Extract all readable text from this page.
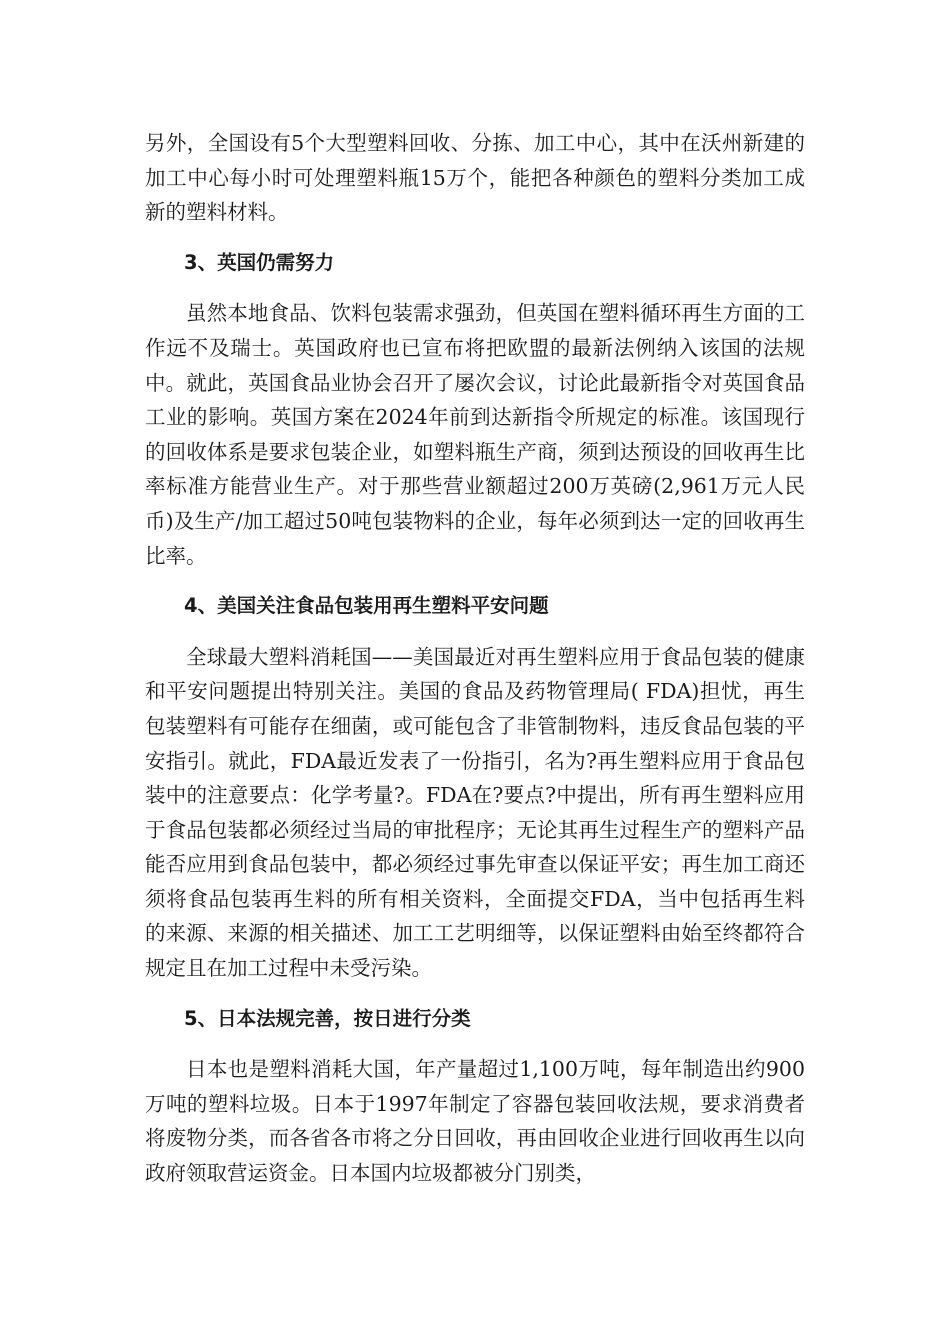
另外，全国设有5个大型塑料回收、分拣、加工中心，其中在沃州新建的加工中心每小时可处理塑料瓶15万个，能把各种颜色的塑料分类加工成新的塑料材料。

3、英国仍需努力

虽然本地食品、饮料包装需求强劲，但英国在塑料循环再生方面的工作远不及瑞士。英国政府也已宣布将把欧盟的最新法例纳入该国的法规中。就此，英国食品业协会召开了屡次会议，讨论此最新指令对英国食品工业的影响。英国方案在2024年前到达新指令所规定的标准。该国现行的回收体系是要求包装企业，如塑料瓶生产商，须到达预设的回收再生比率标准方能营业生产。对于那些营业额超过200万英磅(2,961万元人民币)及生产/加工超过50吨包装物料的企业，每年必须到达一定的回收再生比率。

4、美国关注食品包装用再生塑料平安问题

全球最大塑料消耗国——美国最近对再生塑料应用于食品包装的健康和平安问题提出特别关注。美国的食品及药物管理局( FDA)担忧，再生包装塑料有可能存在细菌，或可能包含了非管制物料，违反食品包装的平安指引。就此，FDA最近发表了一份指引，名为?再生塑料应用于食品包装中的注意要点：化学考量?。FDA在?要点?中提出，所有再生塑料应用于食品包装都必须经过当局的审批程序；无论其再生过程生产的塑料产品能否应用到食品包装中，都必须经过事先审查以保证平安；再生加工商还须将食品包装再生料的所有相关资料，全面提交FDA，当中包括再生料的来源、来源的相关描述、加工工艺明细等，以保证塑料由始至终都符合规定且在加工过程中未受污染。

5、日本法规完善，按日进行分类

日本也是塑料消耗大国，年产量超过1,100万吨，每年制造出约900万吨的塑料垃圾。日本于1997年制定了容器包装回收法规，要求消费者将废物分类，而各省各市将之分日回收，再由回收企业进行回收再生以向政府领取营运资金。日本国内垃圾都被分门别类，
